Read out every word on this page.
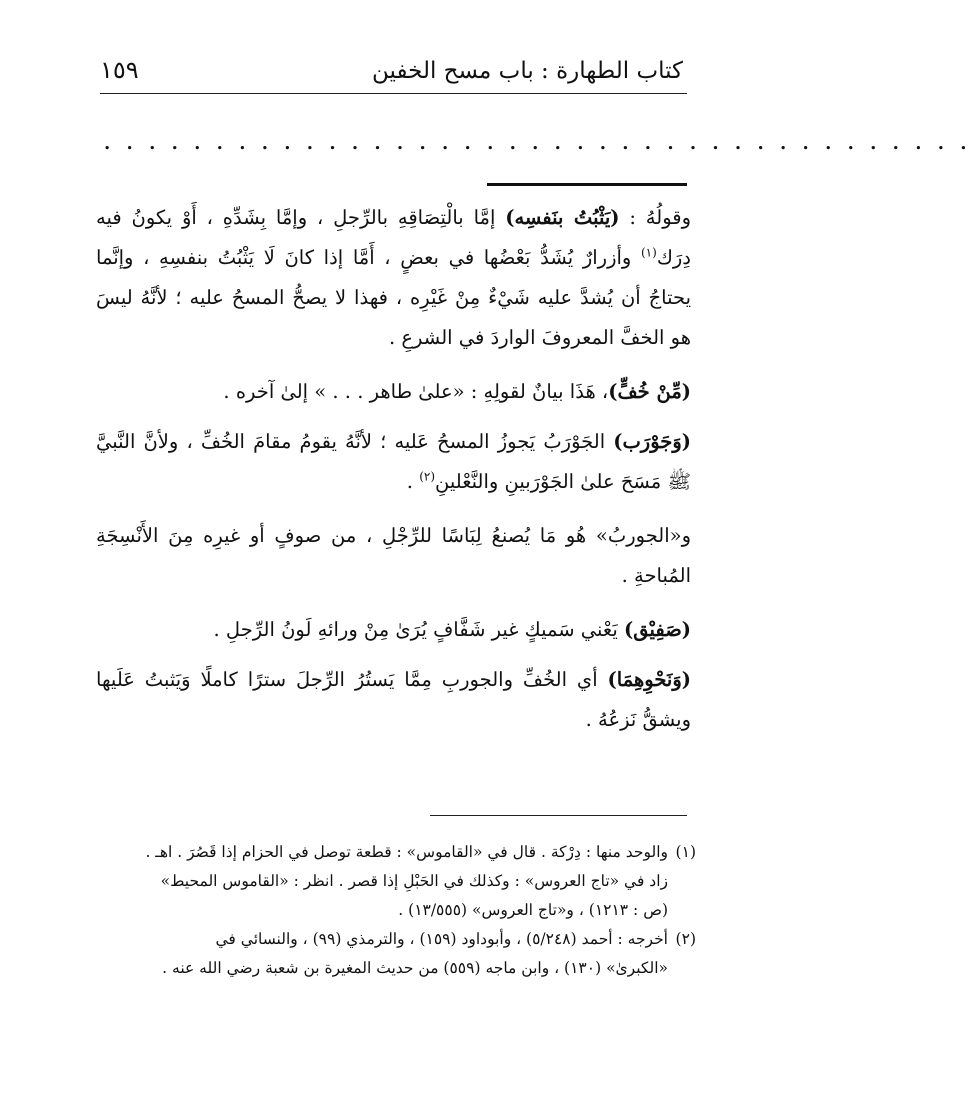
كتاب الطهارة : باب مسح الخفين
١٥٩
. . . . . . . . . . . . . . . . . . . . . . . . . . . . . . . . . . . . . . .

وقولُهُ : (يَثْبُتُ بنَفسِه) إمَّا بالْتِصَاقِهِ بالرِّجلِ ، وإمَّا بِشَدِّهِ ، أَوْ يكونُ فيه دِرَك$^{(١)}$ وأزرارٌ يُشَدُّ بَعْضُها في بعضٍ ، أَمَّا إذا كانَ لَا يَثْبُتُ بنفسِهِ ، وإنَّما يحتاجُ أن يُشدَّ عليه شَيْءٌ مِنْ غَيْرِه ، فهذا لا يصحُّ المسحُ عليه ؛ لأنَّهُ ليسَ هو الخفَّ المعروفَ الواردَ في الشرعِ .

(مِّنْ خُفٍّ)، هَذَا بيانٌ لقولِهِ : «علىٰ طاهر . . . » إلىٰ آخره .

(وَجَوْرَب) الجَوْرَبُ يَجوزُ المسحُ عَليه ؛ لأنَّهُ يقومُ مقامَ الخُفِّ ، ولأنَّ النَّبيَّ ﷺ مَسَحَ علىٰ الجَوْرَبينِ والنَّعْلينِ$^{(٢)}$ .

و«الجوربُ» هُو مَا يُصنعُ لِبَاسًا للرِّجْلِ ، من صوفٍ أو غيرِه مِنَ الأَنْسِجَةِ المُباحةِ .

(صَفِيْق) يَعْني سَميكٍ غير شَفَّافٍ يُرَىٰ مِنْ ورائهِ لَونُ الرِّجلِ .

(وَنَحْوِهِمَا) أي الخُفِّ والجوربِ مِمَّا يَستُرُ الرِّجلَ سترًا كاملًا وَيَثبتُ عَلَيها ويشقُّ نَزعُهُ .

(١)والوحد منها : دِرْكة . قال في «القاموس» : قطعة توصل في الحزام إذا قَصُرَ . اهـ .

زاد في «تاج العروس» : وكذلك في الحَبْلِ إذا قصر . انظر : «القاموس المحيط»

(ص : ١٢١٣) ، و«تاج العروس» (١٣/٥٥٥) .

(٢)أخرجه : أحمد (٥/٢٤٨) ، وأبوداود (١٥٩) ، والترمذي (٩٩) ، والنسائي في

«الكبرىٰ» (١٣٠) ، وابن ماجه (٥٥٩) من حديث المغيرة بن شعبة رضي الله عنه .
